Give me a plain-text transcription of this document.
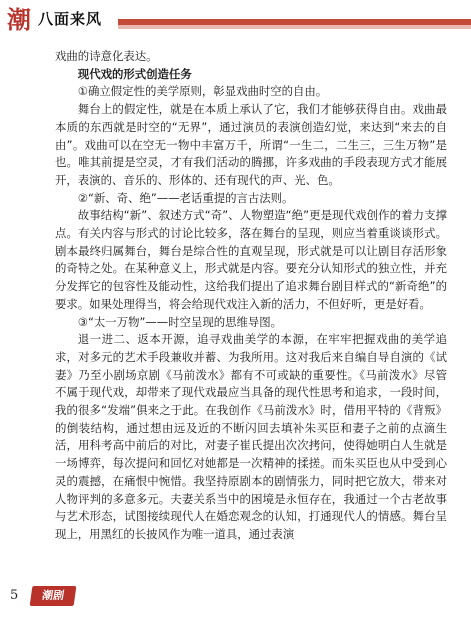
潮 八面来风

戏曲的诗意化表达。

现代戏的形式创造任务

①确立假定性的美学原则，彰显戏曲时空的自由。

舞台上的假定性，就是在本质上承认了它，我们才能够获得自由。戏曲最本质的东西就是时空的“无界”，通过演员的表演创造幻觉，来达到“来去的自由”。戏曲可以在空无一物中丰富万千，所谓“一生二，二生三，三生万物”是也。唯其前提是空灵，才有我们活动的腾挪，许多戏曲的手段表现方式才能展开，表演的、音乐的、形体的、还有现代的声、光、色。

②“新、奇、绝”——老话重提的言古法则。

故事结构“新”、叙述方式“奇”、人物塑造“绝”更是现代戏创作的着力支撑点。有关内容与形式的讨论比较多，落在舞台的呈现，则应当着重谈谈形式。剧本最终归属舞台，舞台是综合性的直观呈现，形式就是可以让剧目存活形象的奇特之处。在某种意义上，形式就是内容。要充分认知形式的独立性，并充分发挥它的包容性及能动性，这给我们提出了追求舞台剧目样式的“新奇绝”的要求。如果处理得当，将会给现代戏注入新的活力，不但好听，更是好看。

③“太一万物”——时空呈现的思维导图。

退一进二、返本开源，追寻戏曲美学的本源，在牢牢把握戏曲的美学追求，对多元的艺术手段兼收并蓄、为我所用。这对我后来自编自导自演的《试妻》乃至小剧场京剧《马前泼水》都有不可或缺的重要性。《马前泼水》尽管不属于现代戏，却带来了现代戏最应当具备的现代性思考和追求，一段时间，我的很多“发端”俱来之于此。在我创作《马前泼水》时，借用平特的《背叛》的倒装结构，通过想由远及近的不断闪回去填补朱买臣和妻子之前的点滴生活，用科考高中前后的对比，对妻子崔氏提出次次拷问，使得她明白人生就是一场博弈，每次提问和回忆对她都是一次精神的揉搓。而朱买臣也从中受到心灵的震撼，在痛恨中惋惜。我坚持原剧本的剧情张力，同时把它放大，带来对人物评判的多意多元。夫妻关系当中的困境是永恒存在，我通过一个古老故事与艺术形态，试图接续现代人在婚恋观念的认知，打通现代人的情感。舞台呈现上，用黑红的长披风作为唯一道具，通过表演

5	潮剧
